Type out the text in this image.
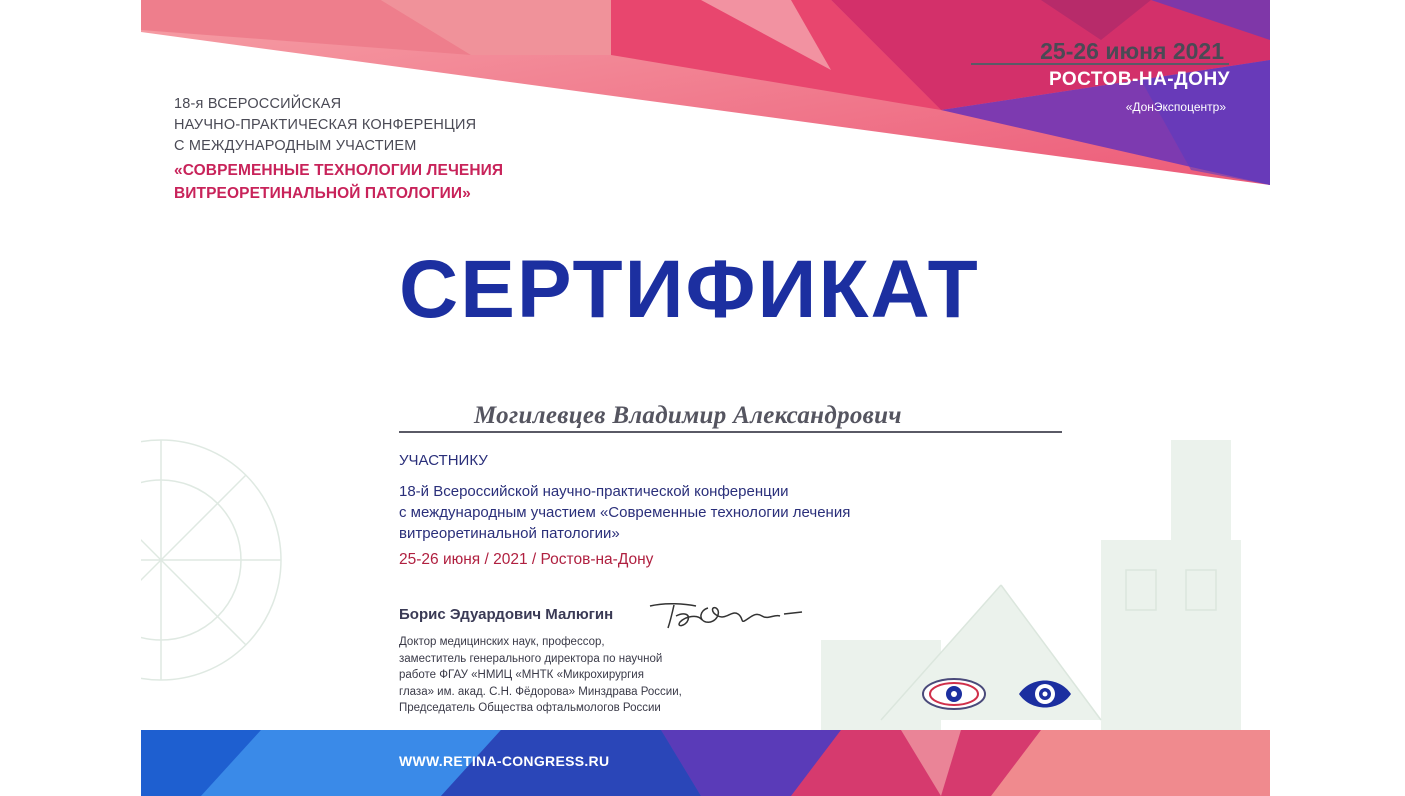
18-я ВСЕРОССИЙСКАЯ
НАУЧНО-ПРАКТИЧЕСКАЯ КОНФЕРЕНЦИЯ
С МЕЖДУНАРОДНЫМ УЧАСТИЕМ
«СОВРЕМЕННЫЕ ТЕХНОЛОГИИ ЛЕЧЕНИЯ
ВИТРЕОРЕТИНАЛЬНОЙ ПАТОЛОГИИ»
25-26 июня 2021
РОСТОВ-НА-ДОНУ
«ДонЭкспоцентр»
СЕРТИФИКАТ
Могилевцев Владимир Александрович
УЧАСТНИКУ
18-й Всероссийской научно-практической конференции
с международным участием «Современные технологии лечения
витреоретинальной патологии»
25-26 июня / 2021 / Ростов-на-Дону
Борис Эдуардович Малюгин
Доктор медицинских наук, профессор,
заместитель генерального директора по научной
работе ФГАУ «НМИЦ «МНТК «Микрохирургия
глаза» им. акад. С.Н. Фёдорова» Минздрава России,
Председатель Общества офтальмологов России
WWW.RETINA-CONGRESS.RU
